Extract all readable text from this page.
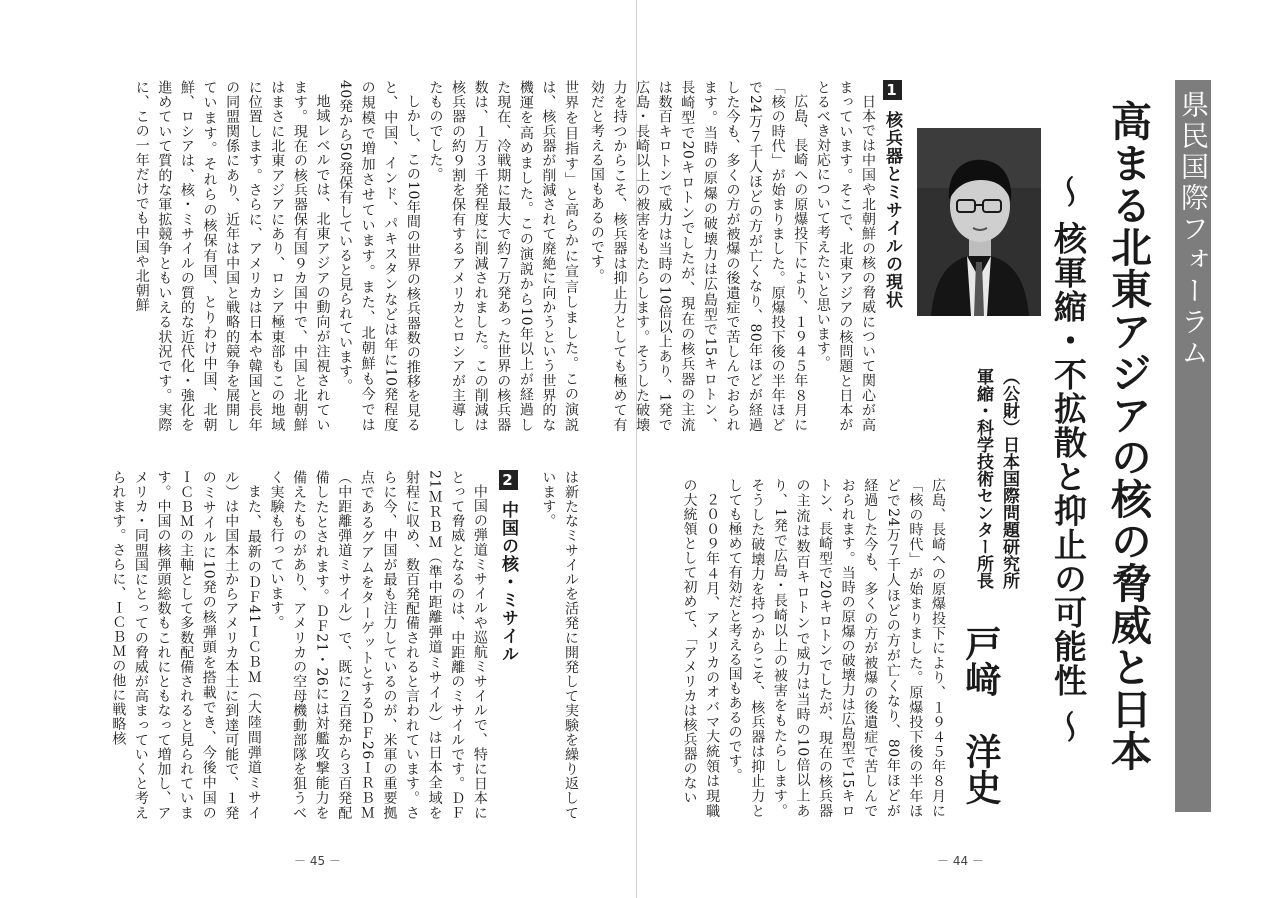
世界を目指す」と高らかに宣言しました。この演説は、核兵器が削減されて廃絶に向かうという世界的な機運を高めました。この演説から10年以上が経過した現在、冷戦期に最大で約７万発あった世界の核兵器数は、１万３千発程度に削減されました。この削減は核兵器の約９割を保有するアメリカとロシアが主導したものでした。

しかし、この10年間の世界の核兵器数の推移を見ると、中国、インド、パキスタンなどは年に10発程度の規模で増加させています。また、北朝鮮も今では40発から50発保有していると見られています。

地域レベルでは、北東アジアの動向が注視されています。現在の核兵器保有国９カ国中で、中国と北朝鮮はまさに北東アジアにあり、ロシア極東部もこの地域に位置します。さらに、アメリカは日本や韓国と長年の同盟関係にあり、近年は中国と戦略的競争を展開しています。それらの核保有国、とりわけ中国、北朝鮮、ロシアは、核・ミサイルの質的な近代化・強化を進めていて質的な軍拡競争ともいえる状況です。実際に、この一年だけでも中国や北朝鮮

は新たなミサイルを活発に開発して実験を繰り返しています。

中国の弾道ミサイルや巡航ミサイルで、特に日本にとって脅威となるのは、中距離のミサイルです。ＤＦ21ＭＲＢＭ（準中距離弾道ミサイル）は日本全域を射程に収め、数百発配備されると言われています。さらに今、中国が最も注力しているのが、米軍の重要拠点であるグアムをターゲットとするＤＦ26ＩＲＢＭ（中距離弾道ミサイル）で、既に２百発から３百発配備したとされます。ＤＦ21・26には対艦攻撃能力を備えたものがあり、アメリカの空母機動部隊を狙うべく実験も行っています。

また、最新のＤＦ41ＩＣＢＭ（大陸間弾道ミサイル）は中国本土からアメリカ本土に到達可能で、１発のミサイルに10発の核弾頭を搭載でき、今後中国のＩＣＢＭの主軸として多数配備されると見られています。中国の核弾頭総数もこれにともなって増加し、アメリカ・同盟国にとっての脅威が高まっていくと考えられます。さらに、ＩＣＢＭの他に戦略核	2 中国の核・ミサイル
－ 45 －
県民国際フォーラム
高まる北東アジアの核の脅威と日本
～ 核軍縮・不拡散と抑止の可能性 ～
（公財）日本国際問題研究所
軍縮・科学技術センター所長
戸﨑　洋史
1 核兵器とミサイルの現状

日本では中国や北朝鮮の核の脅威について関心が高まっています。そこで、北東アジアの核問題と日本がとるべき対応について考えたいと思います。

広島、長崎への原爆投下により、１９４５年８月に「核の時代」が始まりました。原爆投下後の半年ほどで24万７千人ほどの方が亡くなり、80年ほどが経過した今も、多くの方が被爆の後遺症で苦しんでおられます。当時の原爆の破壊力は広島型で15キロトン、長崎型で20キロトンでしたが、現在の核兵器の主流は数百キロトンで威力は当時の10倍以上あり、1発で広島・長崎以上の被害をもたらします。そうした破壊力を持つからこそ、核兵器は抑止力としても極めて有効だと考える国もあるのです。

広島、長崎への原爆投下により、１９４５年８月に「核の時代」が始まりました。原爆投下後の半年ほどで24万７千人ほどの方が亡くなり、80年ほどが経過した今も、多くの方が被爆の後遺症で苦しんでおられます。当時の原爆の破壊力は広島型で15キロトン、長崎型で20キロトンでしたが、現在の核兵器の主流は数百キロトンで威力は当時の10倍以上あり、1発で広島・長崎以上の被害をもたらします。そうした破壊力を持つからこそ、核兵器は抑止力としても極めて有効だと考える国もあるのです。

２００９年４月、アメリカのオバマ大統領は現職の大統領として初めて、「アメリカは核兵器のない

－ 44 －
